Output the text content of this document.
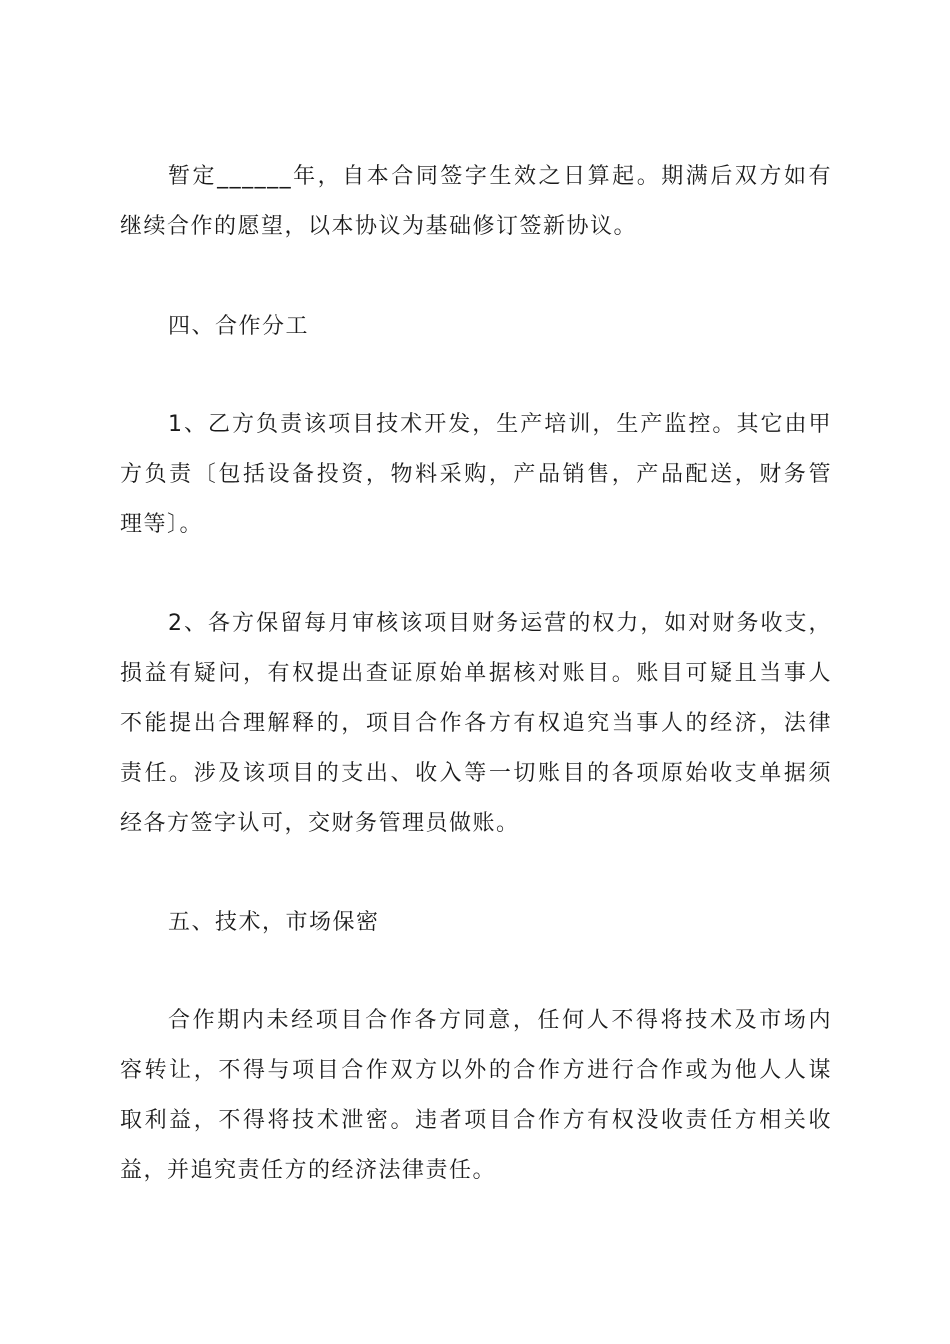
暂定______年，自本合同签字生效之日算起。期满后双方如有
继续合作的愿望，以本协议为基础修订签新协议。
四、合作分工
1、乙方负责该项目技术开发，生产培训，生产监控。其它由甲
方负责〔包括设备投资，物料采购，产品销售，产品配送，财务管
理等〕。
2、各方保留每月审核该项目财务运营的权力，如对财务收支，
损益有疑问，有权提出查证原始单据核对账目。账目可疑且当事人
不能提出合理解释的，项目合作各方有权追究当事人的经济，法律
责任。涉及该项目的支出、收入等一切账目的各项原始收支单据须
经各方签字认可，交财务管理员做账。
五、技术，市场保密
合作期内未经项目合作各方同意，任何人不得将技术及市场内
容转让，不得与项目合作双方以外的合作方进行合作或为他人人谋
取利益，不得将技术泄密。违者项目合作方有权没收责任方相关收
益，并追究责任方的经济法律责任。
